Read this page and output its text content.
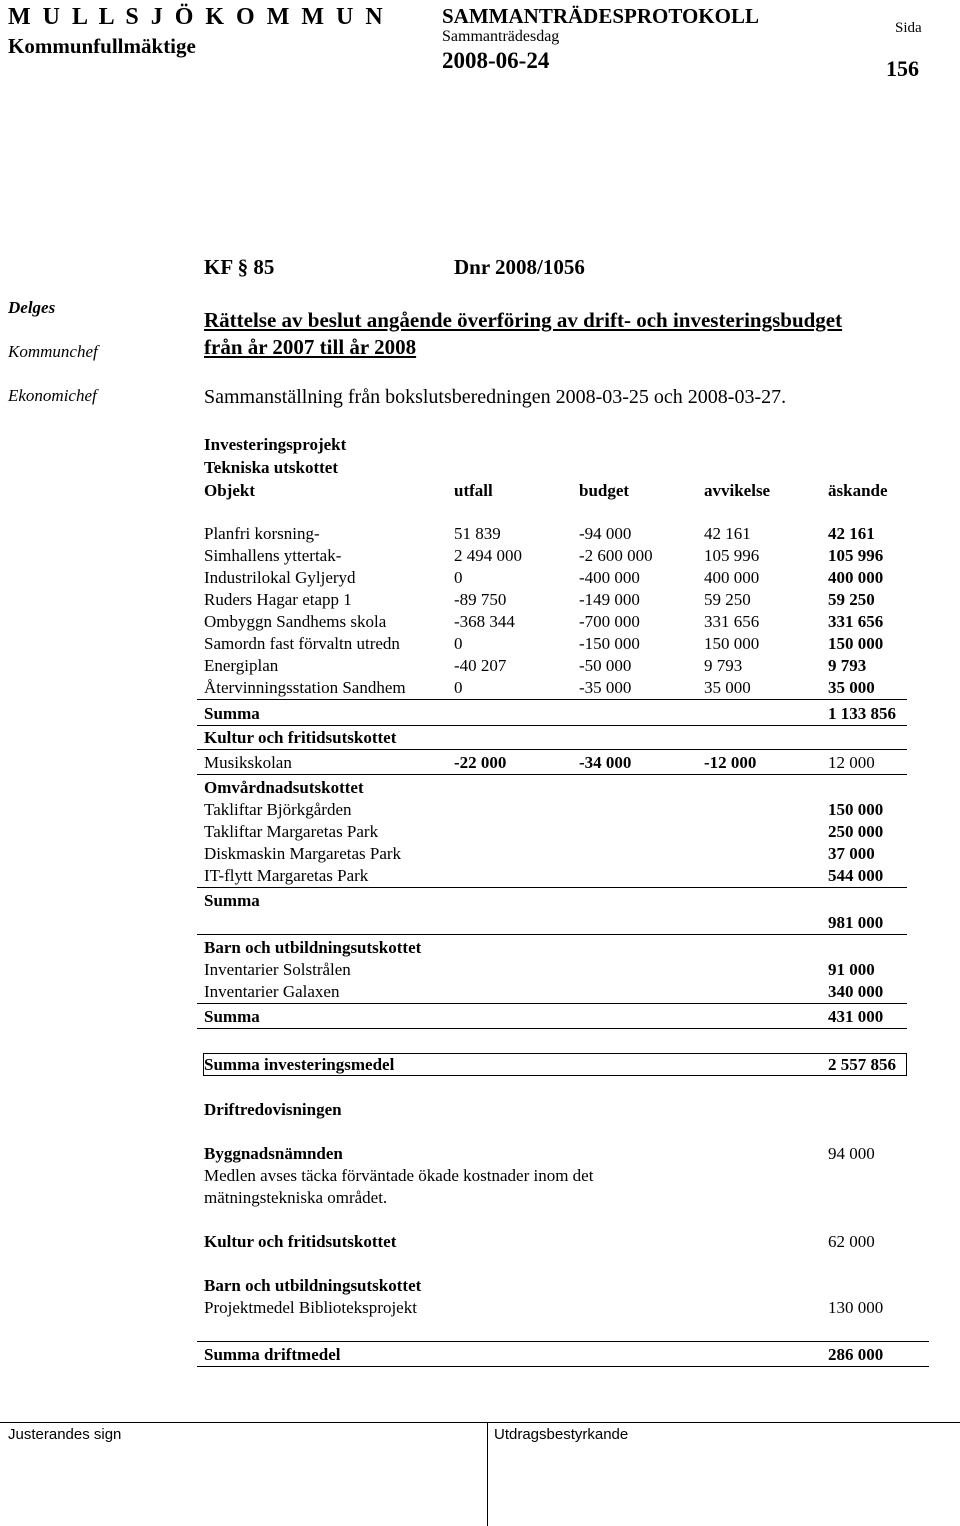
M U L L S J Ö K O M M U N
Kommunfullmäktige
SAMMANTRÄDESPROTOKOLL
Sammanträdesdag
2008-06-24
Sida
156
KF § 85	Dnr 2008/1056
Delges
Kommunchef
Ekonomichef
Rättelse av beslut angående överföring av drift- och investeringsbudget
från år 2007 till år 2008
Sammanställning från bokslutsberedningen 2008-03-25 och 2008-03-27.
Investeringsprojekt
Tekniska utskottet
Objekt	utfall	budget	avvikelse	äskande
Planfri korsning-	51 839	-94 000	42 161	42 161
Simhallens yttertak-	2 494 000	-2 600 000	105 996	105 996
Industrilokal Gyljeryd	0	-400 000	400 000	400 000
Ruders Hagar etapp 1	-89 750	-149 000	59 250	59 250
Ombyggn Sandhems skola	-368 344	-700 000	331 656	331 656
Samordn fast förvaltn utredn	0	-150 000	150 000	150 000
Energiplan	-40 207	-50 000	9 793	9 793
Återvinningsstation Sandhem	0	-35 000	35 000	35 000
Summa	1 133 856
Kultur och fritidsutskottet
Musikskolan	-22 000	-34 000	-12 000	12 000
Omvårdnadsutskottet
Takliftar Björkgården	150 000
Takliftar Margaretas Park	250 000
Diskmaskin Margaretas Park	37 000
IT-flytt Margaretas Park	544 000
Summa
981 000
Barn och utbildningsutskottet
Inventarier Solstrålen	91 000
Inventarier Galaxen	340 000
Summa	431 000
Summa investeringsmedel	2 557 856
Driftredovisningen
Byggnadsnämnden	94 000
Medlen avses täcka förväntade ökade kostnader inom det
mätningstekniska området.
Kultur och fritidsutskottet	62 000
Barn och utbildningsutskottet
Projektmedel Biblioteksprojekt	130 000
Summa driftmedel	286 000
Justerandes sign	Utdragsbestyrkande
